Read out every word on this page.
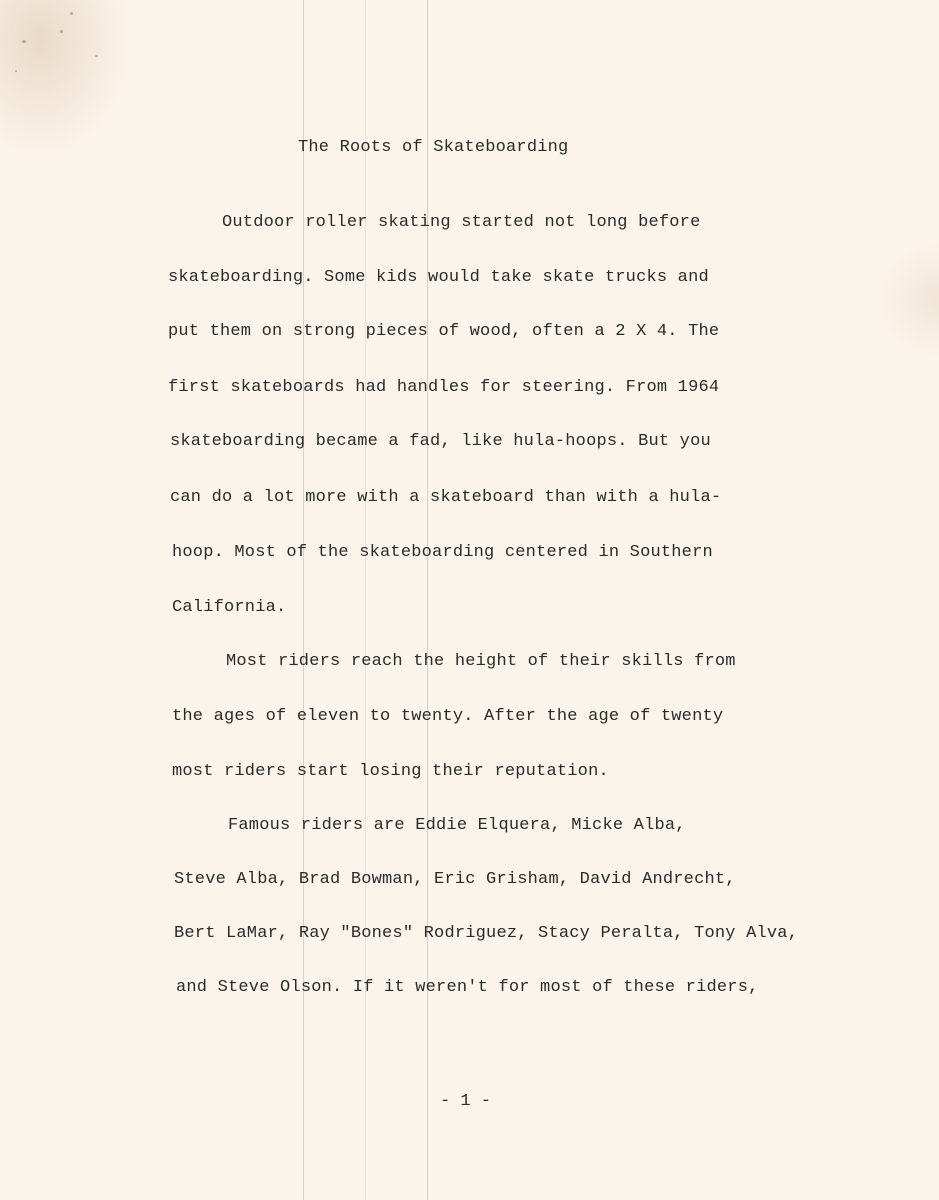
The Roots of Skateboarding
Outdoor roller skating started not long before
skateboarding. Some kids would take skate trucks and
put them on strong pieces of wood, often a 2 X 4. The
first skateboards had handles for steering. From 1964
skateboarding became a fad, like hula-hoops. But you
can do a lot more with a skateboard than with a hula-
hoop. Most of the skateboarding centered in Southern
California.
Most riders reach the height of their skills from
the ages of eleven to twenty. After the age of twenty
most riders start losing their reputation.
Famous riders are Eddie Elquera, Micke Alba,
Steve Alba, Brad Bowman, Eric Grisham, David Andrecht,
Bert LaMar, Ray "Bones" Rodriguez, Stacy Peralta, Tony Alva,
and Steve Olson. If it weren't for most of these riders,
- 1 -
